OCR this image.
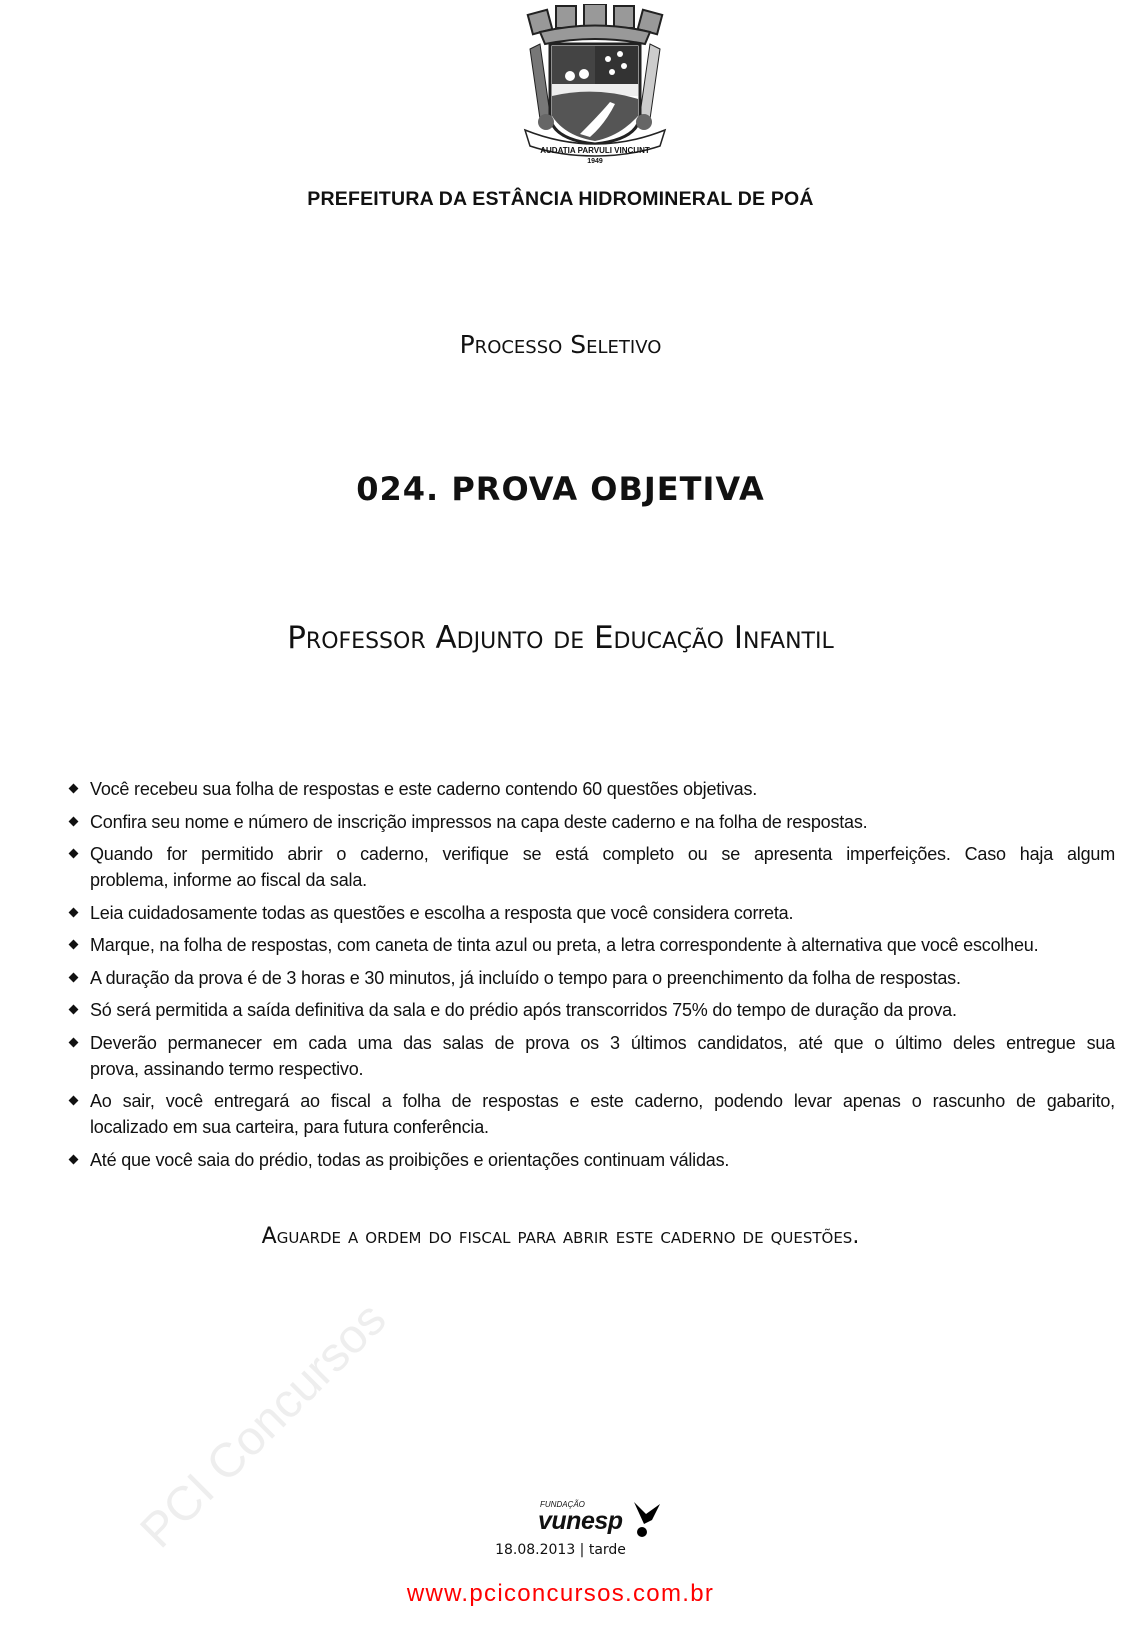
PCI Concursos
AUDATIA PARVULI VINCUNT
1949
PREFEITURA DA ESTÂNCIA HIDROMINERAL DE POÁ
Processo Seletivo
024. PROVA OBJETIVA
Professor Adjunto de Educação Infantil
Você recebeu sua folha de respostas e este caderno contendo 60 questões objetivas.
Confira seu nome e número de inscrição impressos na capa deste caderno e na folha de respostas.
Quando for permitido abrir o caderno, verifique se está completo ou se apresenta imperfeições. Caso haja algum
problema, informe ao fiscal da sala.
Leia cuidadosamente todas as questões e escolha a resposta que você considera correta.
Marque, na folha de respostas, com caneta de tinta azul ou preta, a letra correspondente à alternativa que você escolheu.
A duração da prova é de 3 horas e 30 minutos, já incluído o tempo para o preenchimento da folha de respostas.
Só será permitida a saída definitiva da sala e do prédio após transcorridos 75% do tempo de duração da prova.
Deverão permanecer em cada uma das salas de prova os 3 últimos candidatos, até que o último deles entregue sua
prova, assinando termo respectivo.
Ao sair, você entregará ao fiscal a folha de respostas e este caderno, podendo levar apenas o rascunho de gabarito,
localizado em sua carteira, para futura conferência.
Até que você saia do prédio, todas as proibições e orientações continuam válidas.
Aguarde a ordem do fiscal para abrir este caderno de questões.
FUNDAÇÃO
vunesp
18.08.2013 | tarde
www.pciconcursos.com.br
